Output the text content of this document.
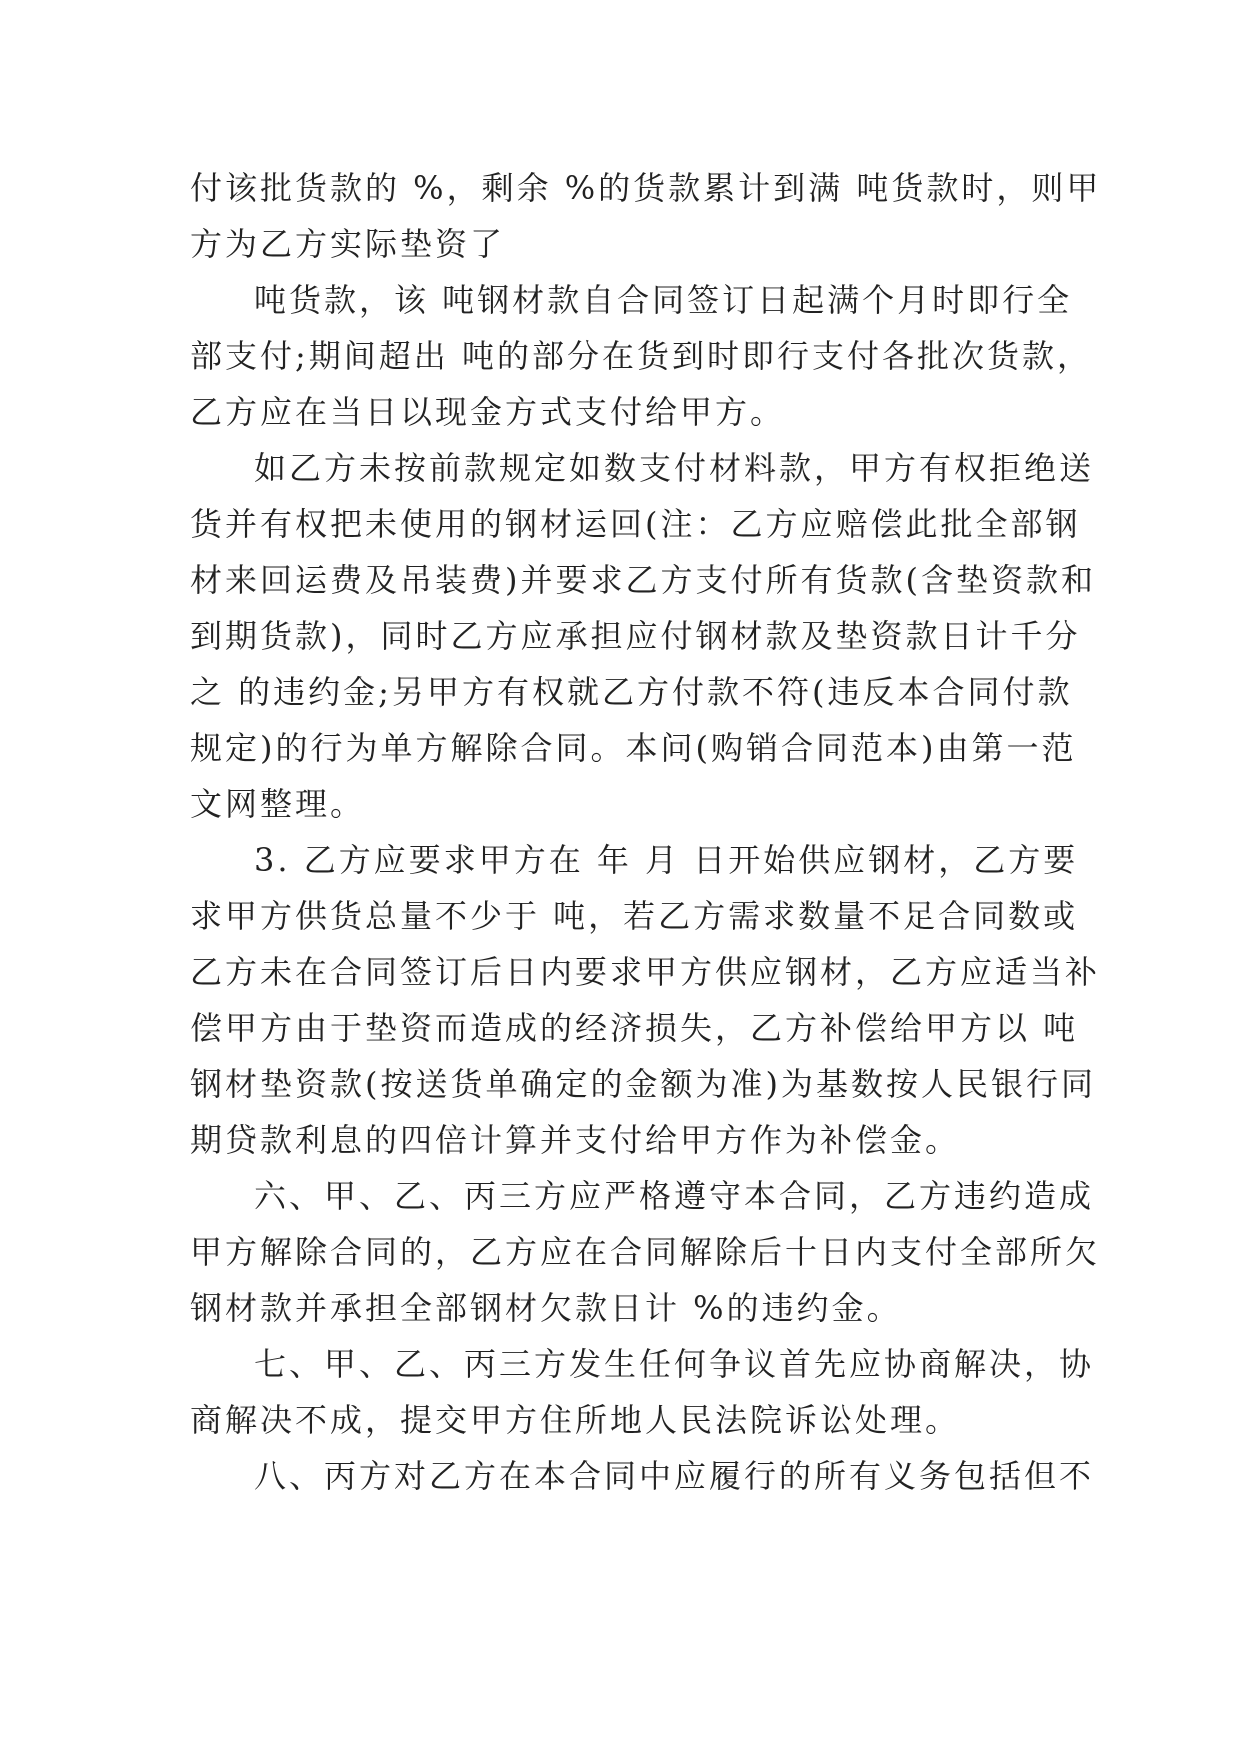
付该批货款的 %，剩余 %的货款累计到满 吨货款时，则甲
方为乙方实际垫资了
吨货款，该 吨钢材款自合同签订日起满个月时即行全
部支付;期间超出 吨的部分在货到时即行支付各批次货款，
乙方应在当日以现金方式支付给甲方。
如乙方未按前款规定如数支付材料款，甲方有权拒绝送
货并有权把未使用的钢材运回(注：乙方应赔偿此批全部钢
材来回运费及吊装费)并要求乙方支付所有货款(含垫资款和
到期货款)，同时乙方应承担应付钢材款及垫资款日计千分
之 的违约金;另甲方有权就乙方付款不符(违反本合同付款
规定)的行为单方解除合同。本问(购销合同范本)由第一范
文网整理。
3. 乙方应要求甲方在 年 月 日开始供应钢材，乙方要
求甲方供货总量不少于 吨，若乙方需求数量不足合同数或
乙方未在合同签订后日内要求甲方供应钢材，乙方应适当补
偿甲方由于垫资而造成的经济损失，乙方补偿给甲方以 吨
钢材垫资款(按送货单确定的金额为准)为基数按人民银行同
期贷款利息的四倍计算并支付给甲方作为补偿金。
六、甲、乙、丙三方应严格遵守本合同，乙方违约造成
甲方解除合同的，乙方应在合同解除后十日内支付全部所欠
钢材款并承担全部钢材欠款日计 %的违约金。
七、甲、乙、丙三方发生任何争议首先应协商解决，协
商解决不成，提交甲方住所地人民法院诉讼处理。
八、丙方对乙方在本合同中应履行的所有义务包括但不
